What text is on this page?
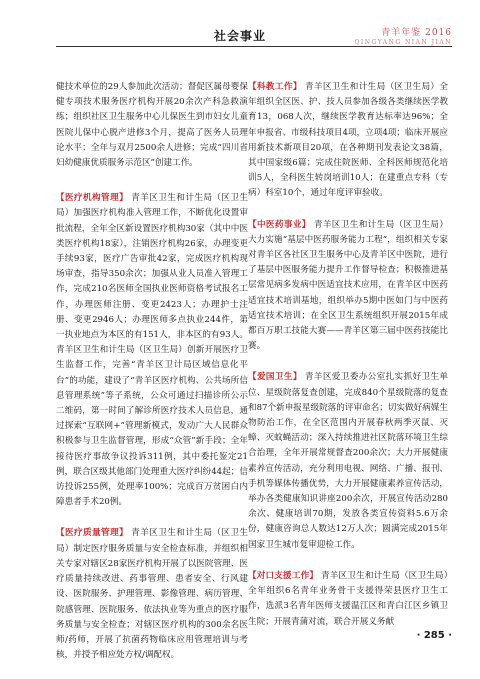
社会事业	青羊年鉴 2016
QINGYANG NIAN JIAN

健技术单位的29人参加此次活动；督促区属母婴保健专项技术服务医疗机构开展20余次产科急救演练；组织社区卫生服务中心儿保医生到市妇女儿童医院儿保中心脱产进修3个月，提高了医务人员理论水平；全年与双月2500余人进修；完成“四川省妇幼健康优质服务示范区”创建工作。

【医疗机构管理】 青羊区卫生和计生局（区卫生局）加强医疗机构准入管理工作，不断优化设置审批流程，全年全区新设置医疗机构30家（其中中医类医疗机构18家），注销医疗机构26家，办理变更手续93家，医疗广告审批42家，完成医疗机构现场审查，指导350余次；加强从业人员准入管理工作，完成210名医师全国执业医师资格考试报名工作，办理医师注册、变更2423人；办理护士注册、变更2946人；办理医师多点执业244件，第一执业地点为本区的有151人，非本区的有93人。青羊区卫生和计生局（区卫生局）创新开展医疗卫生监督工作，完善“青羊区卫计局区域信息化平台”的功能，建设了“青羊区医疗机构、公共场所信息管理系统”等子系统，公众可通过扫描诊所公示二维码，第一时间了解诊所医疗技术人员信息，通过探索“互联网+”管理新模式，发动广大人民群众积极参与卫生监督管理，形成“众管”新手段；全年接待医疗事故争议投诉311例，其中委托鉴定21例，联合区级其他部门处理重大医疗纠纷44起；信访投诉255例，处理率100%；完成百万贫困白内障患者手术20例。

【医疗质量管理】 青羊区卫生和计生局（区卫生局）制定医疗服务质量与安全检查标准，并组织相关专家对辖区28家医疗机构开展了以医院管理、医疗质量持续改进、药事管理、患者安全、行风建设、医院服务、护理管理、影像管理、病历管理、院感管理、医院服务、依法执业等为重点的医疗服务质量与安全检查；对辖区医疗机构的300余名医师/药师，开展了抗菌药物临床应用管理培训与考核，并授予相应处方权/调配权。

【科教工作】 青羊区卫生和计生局（区卫生局）全年组织全区医、护、技人员参加各级各类继续医学教育13，068人次，继续医学教育达标率达96%；全年申报省、市级科技项目4项，立项4项；临床开展应用新技术新项目20项，在各种期刊发表论文38篇，其中国家级6篇；完成住院医师、全科医师规范化培训5人，全科医生转岗培训10人；在建重点专科（专病）科室10个，通过年度评审验收。

【中医药事业】 青羊区卫生和计生局（区卫生局）大力实施“基层中医药服务能力工程”，组织相关专家对青羊区各社区卫生服务中心及青羊区中医院，进行了基层中医服务能力提升工作督导检查；积极推进基层常见病多发病中医适宜技术应用，在青羊区中医药适宜技术培训基地，组织举办5期中医如门与中医药适宜技术培训；在全区卫生系统组织开展2015年成都百万职工技能大赛——青羊区第三届中医药技能比赛。

【爱国卫生】 青羊区爱卫委办公室扎实抓好卫生单位、星级院落复查创建，完成840个星级院落的复查和87个新申报星级院落的评审命名；切实做好病媒生物防治工作，在全区范围内开展春秋两季灭鼠、灭蟑、灭蚊蝇活动；深入持续推进社区院落环境卫生综合治理，全年开展常规督查200余次；大力开展健康素养宣传活动，充分利用电视、网络、广播、报刊、手机等媒体传播优势，大力开展健康素养宣传活动，举办各类健康知识讲座200余次，开展宣传活动280余次、健康培训70期，发放各类宣传资料5.6万余份，健康咨询总人数达12万人次；圆满完成2015年国家卫生城市复审迎检工作。

【对口支援工作】 青羊区卫生和计生局（区卫生局）全年组织6名青年业务骨干支援得荣县医疗卫生工作，选派3名青年医师支援温江区和青白江区乡镇卫生院；开展青蒲对流，联合开展义务献

· 285 ·
